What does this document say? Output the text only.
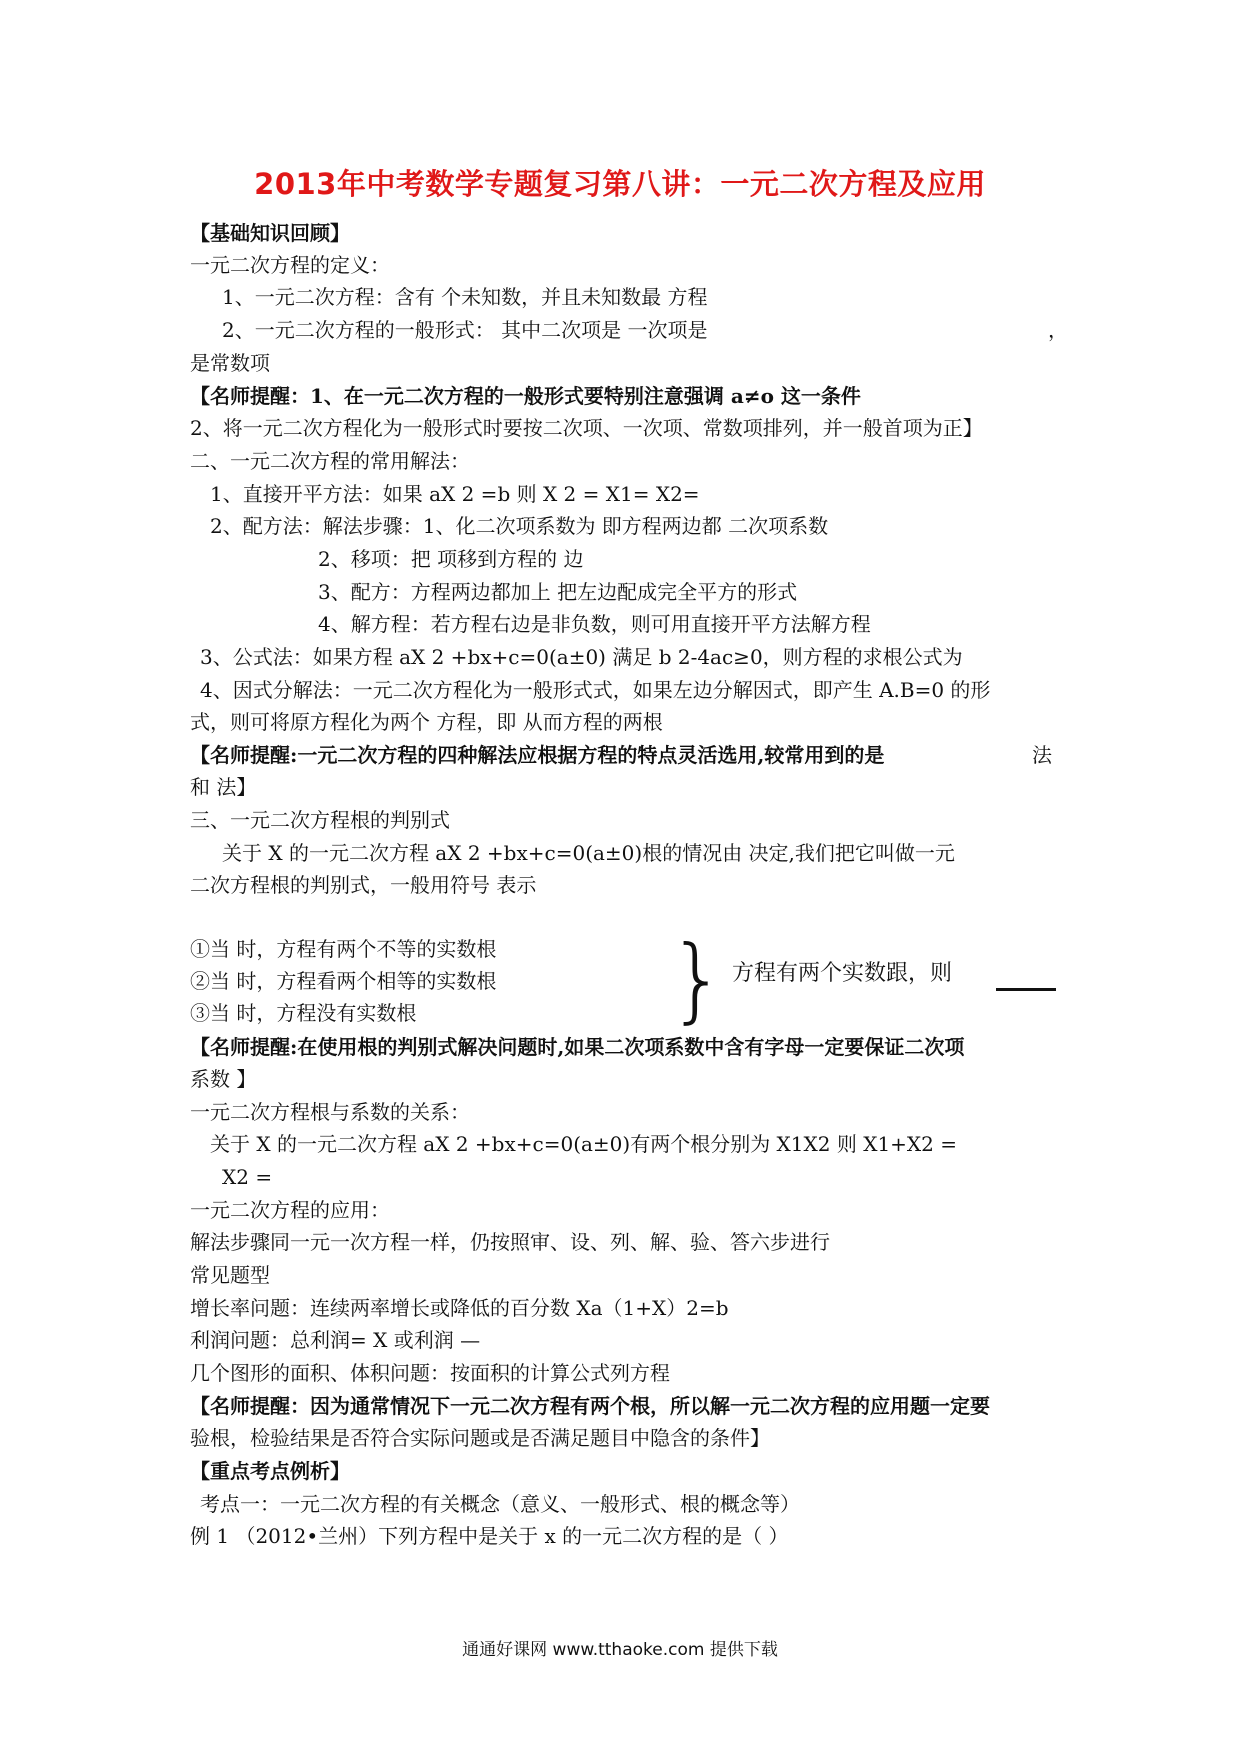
2013年中考数学专题复习第八讲：一元二次方程及应用
【基础知识回顾】
一元二次方程的定义：
1、一元二次方程：含有 个未知数，并且未知数最 方程
2、一元二次方程的一般形式： 其中二次项是 一次项是	，
是常数项
【名师提醒：1、在一元二次方程的一般形式要特别注意强调 a≠o 这一条件
2、将一元二次方程化为一般形式时要按二次项、一次项、常数项排列，并一般首项为正】
二、一元二次方程的常用解法：
1、直接开平方法：如果 aX 2 =b 则 X 2 = X1= X2=
2、配方法：解法步骤：1、化二次项系数为 即方程两边都 二次项系数
2、移项：把 项移到方程的 边
3、配方：方程两边都加上 把左边配成完全平方的形式
4、解方程：若方程右边是非负数，则可用直接开平方法解方程
3、公式法：如果方程 aX 2 +bx+c=0(a±0) 满足 b 2-4ac≥0，则方程的求根公式为
4、因式分解法：一元二次方程化为一般形式式，如果左边分解因式，即产生 A.B=0 的形
式，则可将原方程化为两个 方程，即 从而方程的两根
【名师提醒:一元二次方程的四种解法应根据方程的特点灵活选用,较常用到的是	法
和 法】
三、一元二次方程根的判别式
关于 X 的一元二次方程 aX 2 +bx+c=0(a±0)根的情况由 决定,我们把它叫做一元
二次方程根的判别式，一般用符号 表示
①当 时，方程有两个不等的实数根
②当 时，方程看两个相等的实数根
③当 时，方程没有实数根	} 方程有两个实数跟，则
【名师提醒:在使用根的判别式解决问题时,如果二次项系数中含有字母一定要保证二次项
系数 】
一元二次方程根与系数的关系：
关于 X 的一元二次方程 aX 2 +bx+c=0(a±0)有两个根分别为 X1X2 则 X1+X2 =
X2 =
一元二次方程的应用：
解法步骤同一元一次方程一样，仍按照审、设、列、解、验、答六步进行
常见题型
增长率问题：连续两率增长或降低的百分数 Xa（1+X）2=b
利润问题：总利润= X 或利润 —
几个图形的面积、体积问题：按面积的计算公式列方程
【名师提醒：因为通常情况下一元二次方程有两个根，所以解一元二次方程的应用题一定要
验根，检验结果是否符合实际问题或是否满足题目中隐含的条件】
【重点考点例析】
考点一：一元二次方程的有关概念（意义、一般形式、根的概念等）
例 1 （2012•兰州）下列方程中是关于 x 的一元二次方程的是（ ）
通通好课网 www.tthaoke.com 提供下载
